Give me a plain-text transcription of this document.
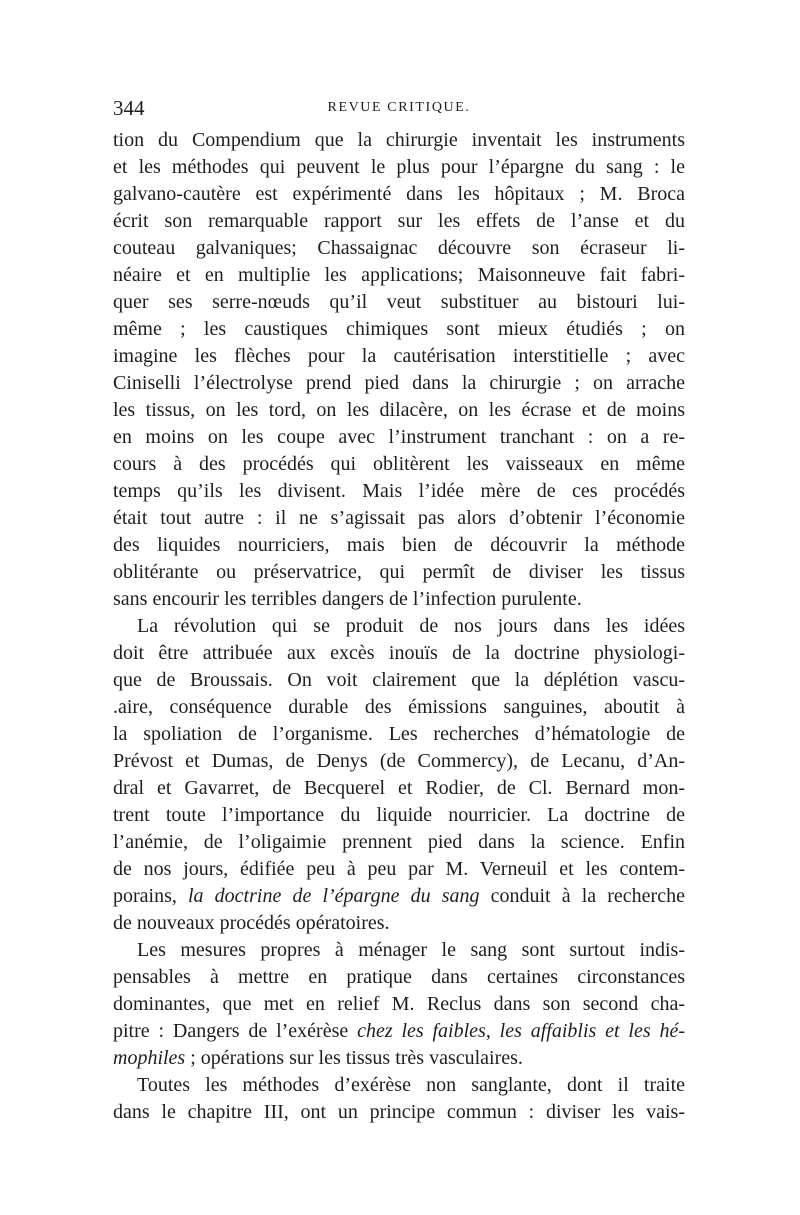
344	REVUE CRITIQUE.
tion du Compendium que la chirurgie inventait les instruments
et les méthodes qui peuvent le plus pour l’épargne du sang : le
galvano-cautère est expérimenté dans les hôpitaux ; M. Broca
écrit son remarquable rapport sur les effets de l’anse et du
couteau galvaniques; Chassaignac découvre son écraseur li-
néaire et en multiplie les applications; Maisonneuve fait fabri-
quer ses serre-nœuds qu’il veut substituer au bistouri lui-
même ; les caustiques chimiques sont mieux étudiés ; on
imagine les flèches pour la cautérisation interstitielle ; avec
Ciniselli l’électrolyse prend pied dans la chirurgie ; on arrache
les tissus, on les tord, on les dilacère, on les écrase et de moins
en moins on les coupe avec l’instrument tranchant : on a re-
cours à des procédés qui oblitèrent les vaisseaux en même
temps qu’ils les divisent. Mais l’idée mère de ces procédés
était tout autre : il ne s’agissait pas alors d’obtenir l’économie
des liquides nourriciers, mais bien de découvrir la méthode
oblitérante ou préservatrice, qui permît de diviser les tissus
sans encourir les terribles dangers de l’infection purulente.
La révolution qui se produit de nos jours dans les idées
doit être attribuée aux excès inouïs de la doctrine physiologi-
que de Broussais. On voit clairement que la déplétion vascu-
.aire, conséquence durable des émissions sanguines, aboutit à
la spoliation de l’organisme. Les recherches d’hématologie de
Prévost et Dumas, de Denys (de Commercy), de Lecanu, d’An-
dral et Gavarret, de Becquerel et Rodier, de Cl. Bernard mon-
trent toute l’importance du liquide nourricier. La doctrine de
l’anémie, de l’oligaimie prennent pied dans la science. Enfin
de nos jours, édifiée peu à peu par M. Verneuil et les contem-
porains, la doctrine de l’épargne du sang conduit à la recherche
de nouveaux procédés opératoires.
Les mesures propres à ménager le sang sont surtout indis-
pensables à mettre en pratique dans certaines circonstances
dominantes, que met en relief M. Reclus dans son second cha-
pitre : Dangers de l’exérèse chez les faibles, les affaiblis et les hé-
mophiles ; opérations sur les tissus très vasculaires.
Toutes les méthodes d’exérèse non sanglante, dont il traite
dans le chapitre III, ont un principe commun : diviser les vais-
